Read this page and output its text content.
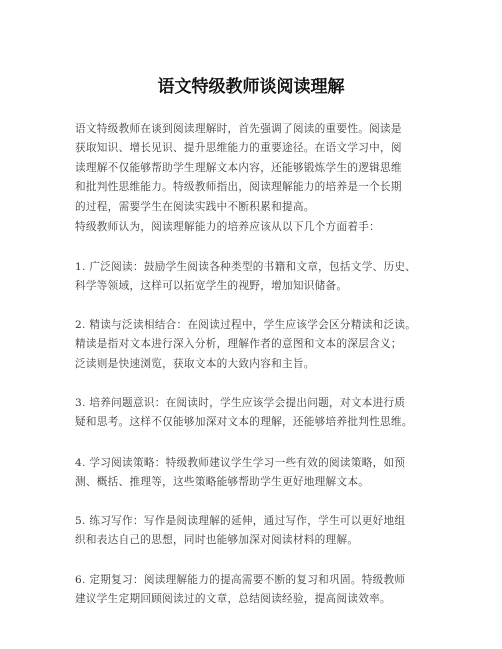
语文特级教师谈阅读理解
语文特级教师在谈到阅读理解时，首先强调了阅读的重要性。阅读是
获取知识、增长见识、提升思维能力的重要途径。在语文学习中，阅
读理解不仅能够帮助学生理解文本内容，还能够锻炼学生的逻辑思维
和批判性思维能力。特级教师指出，阅读理解能力的培养是一个长期
的过程，需要学生在阅读实践中不断积累和提高。
特级教师认为，阅读理解能力的培养应该从以下几个方面着手：
1. 广泛阅读：鼓励学生阅读各种类型的书籍和文章，包括文学、历史、
科学等领域，这样可以拓宽学生的视野，增加知识储备。
2. 精读与泛读相结合：在阅读过程中，学生应该学会区分精读和泛读。
精读是指对文本进行深入分析，理解作者的意图和文本的深层含义；
泛读则是快速浏览，获取文本的大致内容和主旨。
3. 培养问题意识：在阅读时，学生应该学会提出问题，对文本进行质
疑和思考。这样不仅能够加深对文本的理解，还能够培养批判性思维。
4. 学习阅读策略：特级教师建议学生学习一些有效的阅读策略，如预
测、概括、推理等，这些策略能够帮助学生更好地理解文本。
5. 练习写作：写作是阅读理解的延伸，通过写作，学生可以更好地组
织和表达自己的思想，同时也能够加深对阅读材料的理解。
6. 定期复习：阅读理解能力的提高需要不断的复习和巩固。特级教师
建议学生定期回顾阅读过的文章，总结阅读经验，提高阅读效率。
